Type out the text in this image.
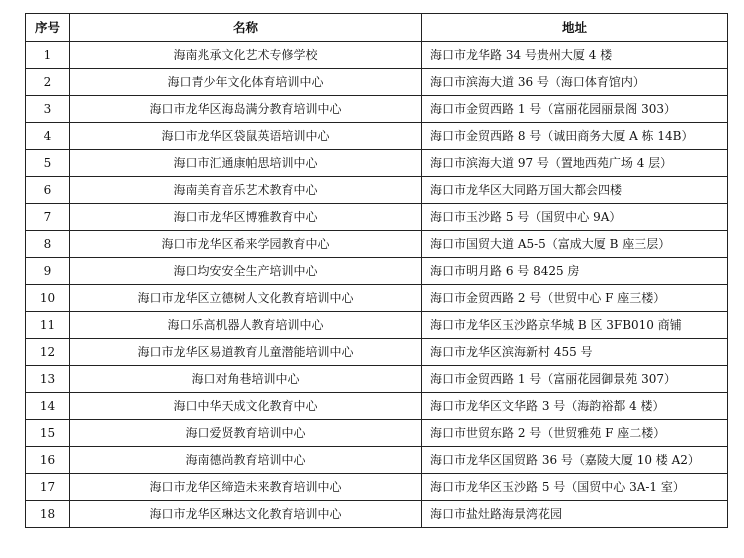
序号	名称	地址
1	海南兆承文化艺术专修学校	海口市龙华路 34 号贵州大厦 4 楼
2	海口青少年文化体育培训中心	海口市滨海大道 36 号（海口体育馆内）
3	海口市龙华区海岛满分教育培训中心	海口市金贸西路 1 号（富丽花园丽景阁 303）
4	海口市龙华区袋鼠英语培训中心	海口市金贸西路 8 号（诚田商务大厦 A 栋 14B）
5	海口市汇通康帕思培训中心	海口市滨海大道 97 号（置地西苑广场 4 层）
6	海南美育音乐艺术教育中心	海口市龙华区大同路万国大都会四楼
7	海口市龙华区博雅教育中心	海口市玉沙路 5 号（国贸中心 9A）
8	海口市龙华区希来学园教育中心	海口市国贸大道 A5-5（富成大厦 B 座三层）
9	海口均安安全生产培训中心	海口市明月路 6 号 8425 房
10	海口市龙华区立德树人文化教育培训中心	海口市金贸西路 2 号（世贸中心 F 座三楼）
11	海口乐高机器人教育培训中心	海口市龙华区玉沙路京华城 B 区 3FB010 商铺
12	海口市龙华区易道教育儿童潜能培训中心	海口市龙华区滨海新村 455 号
13	海口对角巷培训中心	海口市金贸西路 1 号（富丽花园御景苑 307）
14	海口中华天成文化教育中心	海口市龙华区文华路 3 号（海韵裕都 4 楼）
15	海口爱贤教育培训中心	海口市世贸东路 2 号（世贸雅苑 F 座二楼）
16	海南德尚教育培训中心	海口市龙华区国贸路 36 号（嘉陵大厦 10 楼 A2）
17	海口市龙华区缔造未来教育培训中心	海口市龙华区玉沙路 5 号（国贸中心 3A-1 室）
18	海口市龙华区琳达文化教育培训中心	海口市盐灶路海景湾花园
